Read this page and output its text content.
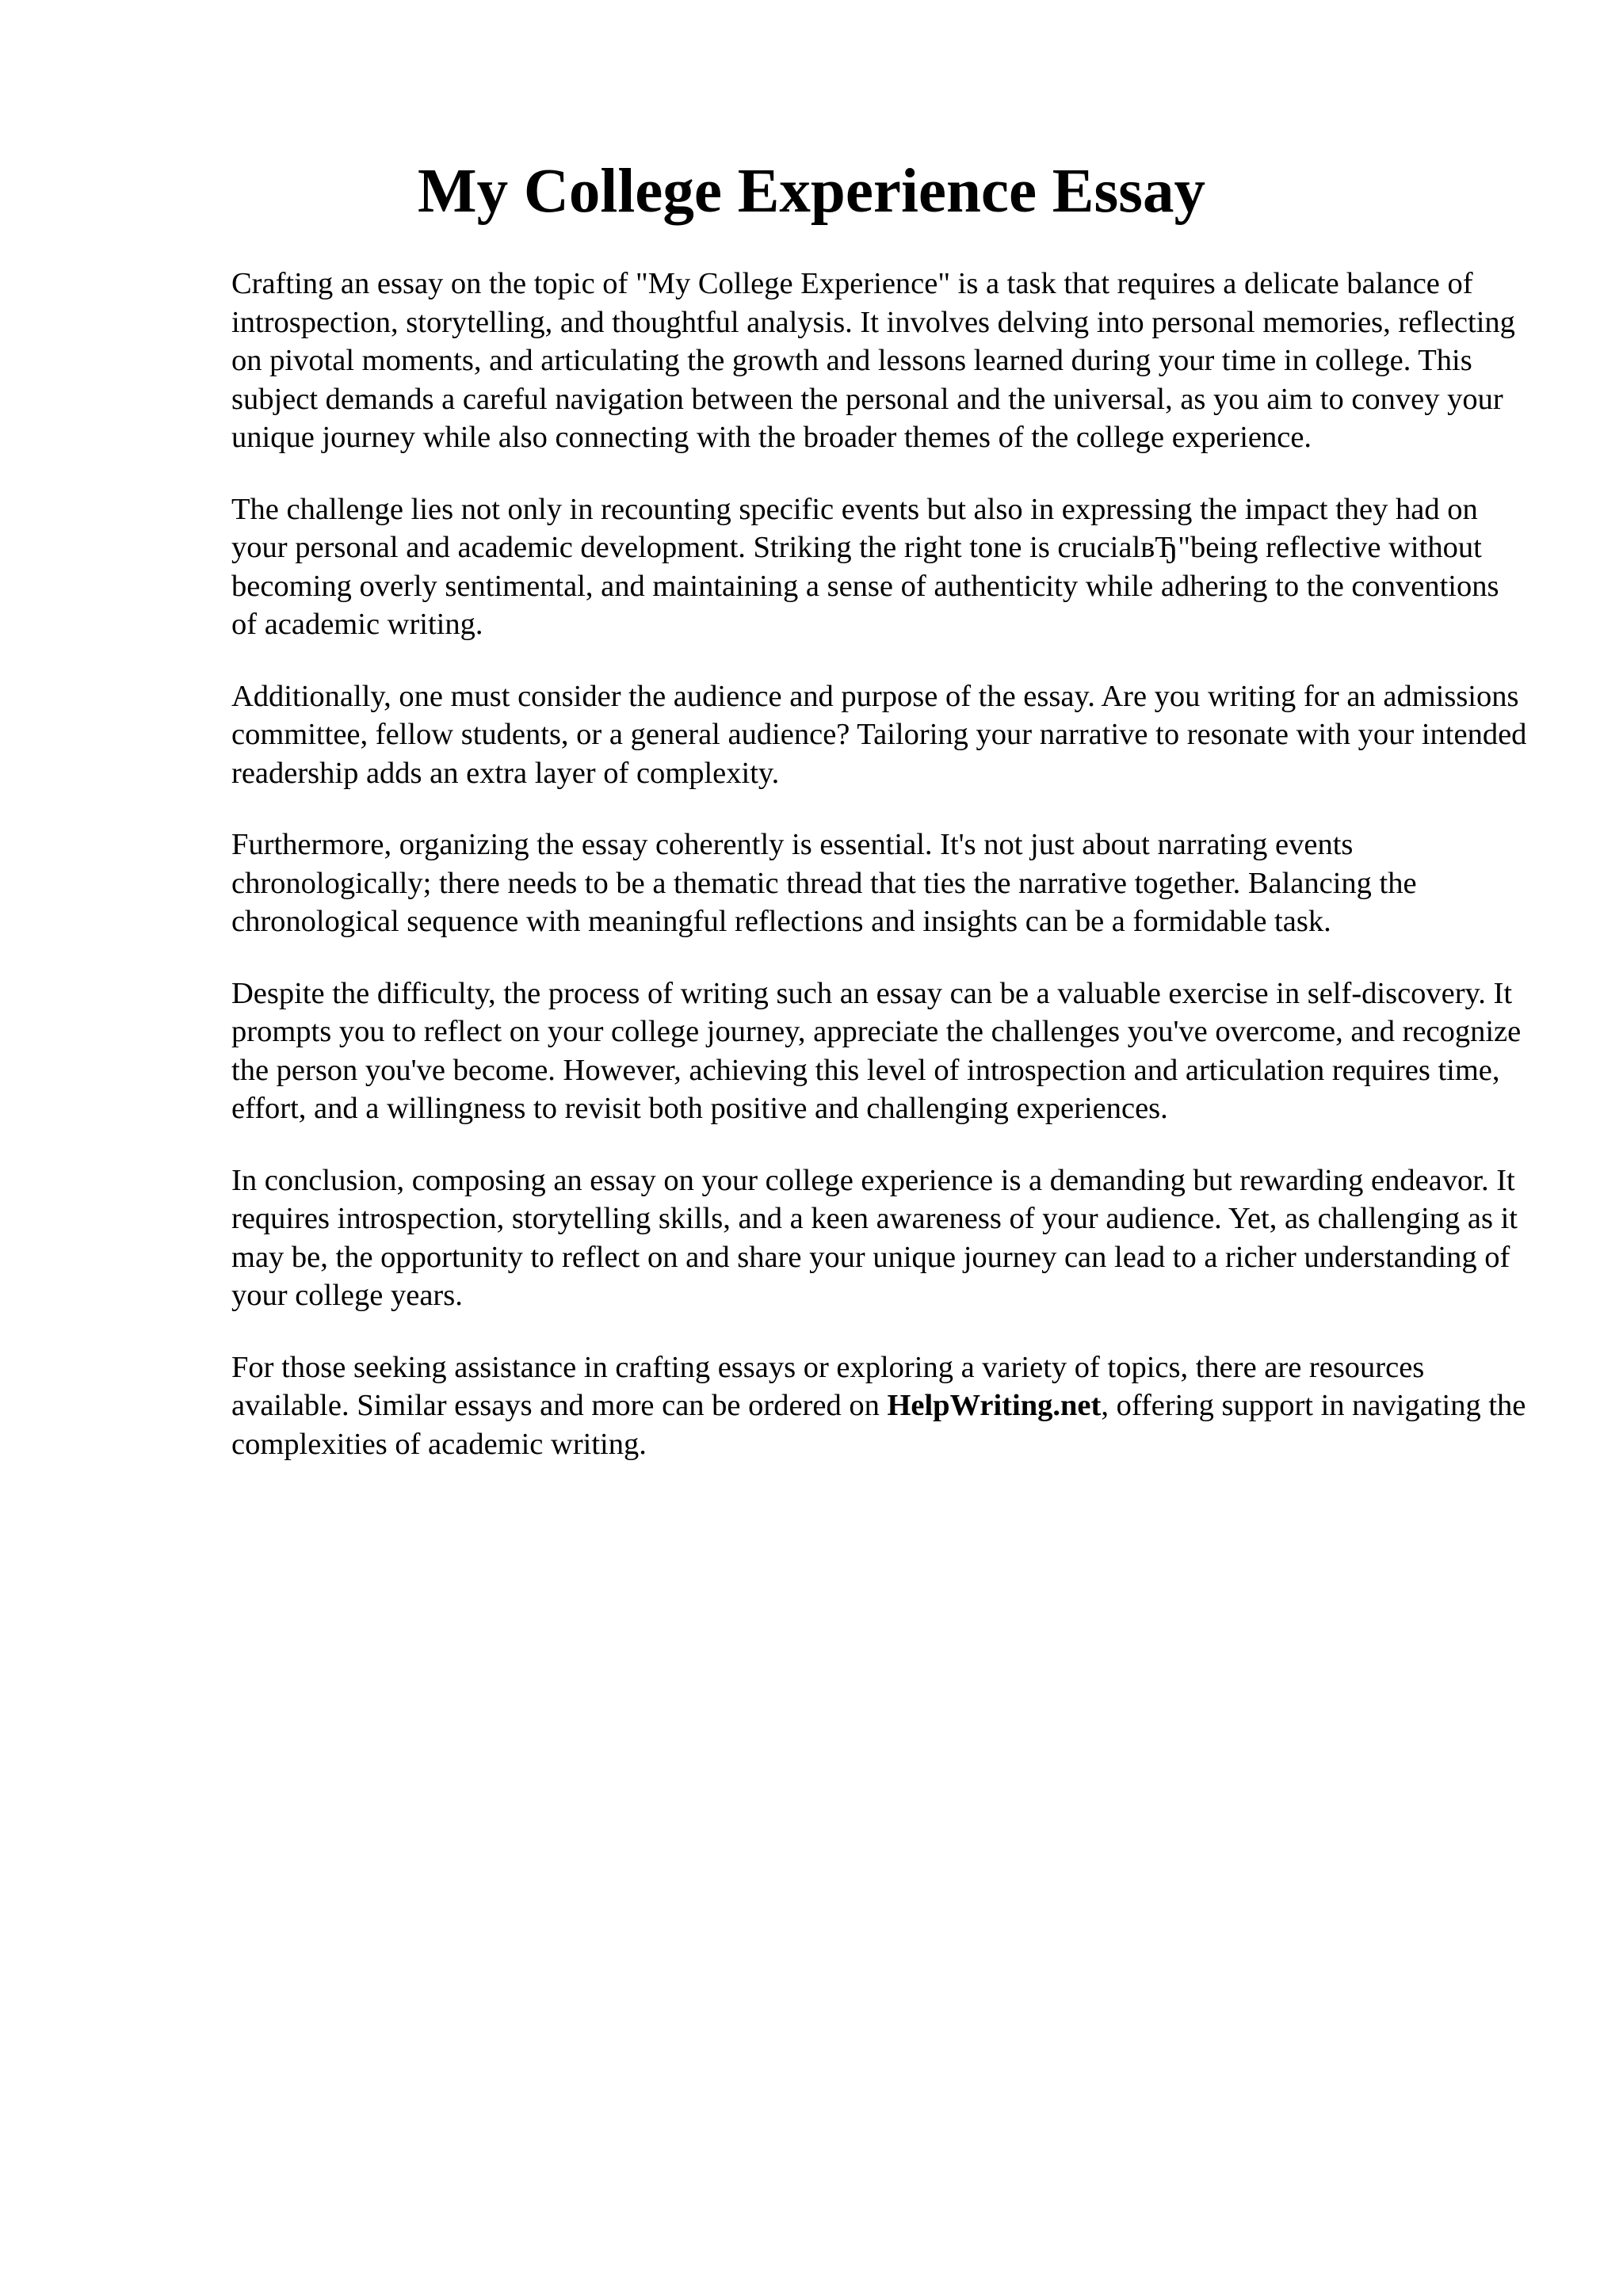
My College Experience Essay

Crafting an essay on the topic of "My College Experience" is a task that requires a delicate balance of introspection, storytelling, and thoughtful analysis. It involves delving into personal memories, reflecting on pivotal moments, and articulating the growth and lessons learned during your time in college. This subject demands a careful navigation between the personal and the universal, as you aim to convey your unique journey while also connecting with the broader themes of the college experience.

The challenge lies not only in recounting specific events but also in expressing the impact they had on your personal and academic development. Striking the right tone is crucialвЂ"being reflective without becoming overly sentimental, and maintaining a sense of authenticity while adhering to the conventions of academic writing.

Additionally, one must consider the audience and purpose of the essay. Are you writing for an admissions committee, fellow students, or a general audience? Tailoring your narrative to resonate with your intended readership adds an extra layer of complexity.

Furthermore, organizing the essay coherently is essential. It's not just about narrating events chronologically; there needs to be a thematic thread that ties the narrative together. Balancing the chronological sequence with meaningful reflections and insights can be a formidable task.

Despite the difficulty, the process of writing such an essay can be a valuable exercise in self-discovery. It prompts you to reflect on your college journey, appreciate the challenges you've overcome, and recognize the person you've become. However, achieving this level of introspection and articulation requires time, effort, and a willingness to revisit both positive and challenging experiences.

In conclusion, composing an essay on your college experience is a demanding but rewarding endeavor. It requires introspection, storytelling skills, and a keen awareness of your audience. Yet, as challenging as it may be, the opportunity to reflect on and share your unique journey can lead to a richer understanding of your college years.

For those seeking assistance in crafting essays or exploring a variety of topics, there are resources available. Similar essays and more can be ordered on HelpWriting.net, offering support in navigating the complexities of academic writing.
